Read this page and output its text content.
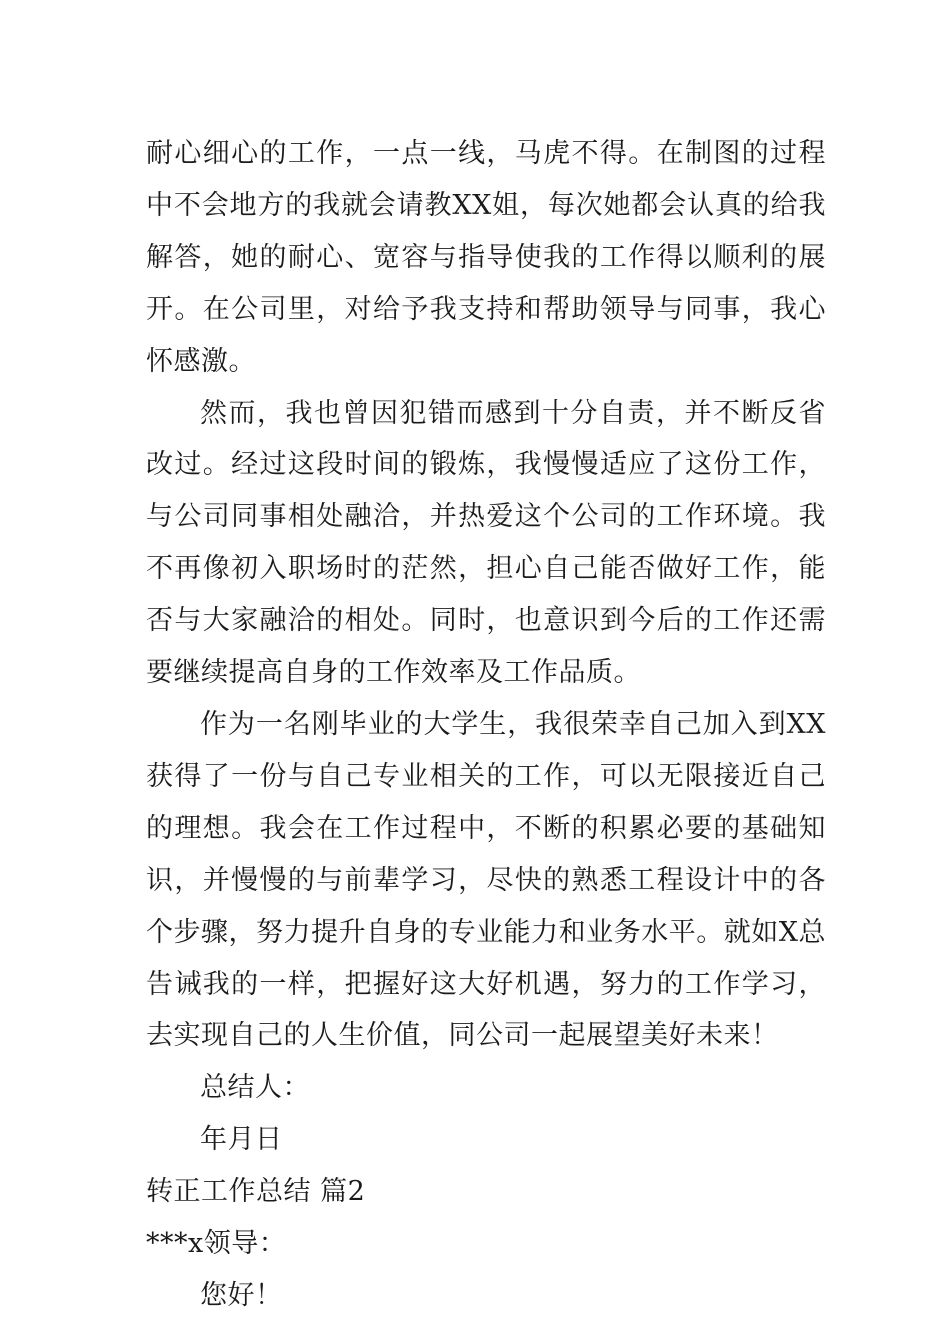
耐心细心的工作，一点一线，马虎不得。在制图的过程中不会地方的我就会请教XX姐，每次她都会认真的给我解答，她的耐心、宽容与指导使我的工作得以顺利的展开。在公司里，对给予我支持和帮助领导与同事，我心怀感激。

然而，我也曾因犯错而感到十分自责，并不断反省改过。经过这段时间的锻炼，我慢慢适应了这份工作，与公司同事相处融洽，并热爱这个公司的工作环境。我不再像初入职场时的茫然，担心自己能否做好工作，能否与大家融洽的相处。同时，也意识到今后的工作还需要继续提高自身的工作效率及工作品质。

作为一名刚毕业的大学生，我很荣幸自己加入到XX获得了一份与自己专业相关的工作，可以无限接近自己的理想。我会在工作过程中，不断的积累必要的基础知识，并慢慢的与前辈学习，尽快的熟悉工程设计中的各个步骤，努力提升自身的专业能力和业务水平。就如X总告诫我的一样，把握好这大好机遇，努力的工作学习，去实现自己的人生价值，同公司一起展望美好未来！

总结人：

年月日

转正工作总结 篇2

***x领导：

您好！
